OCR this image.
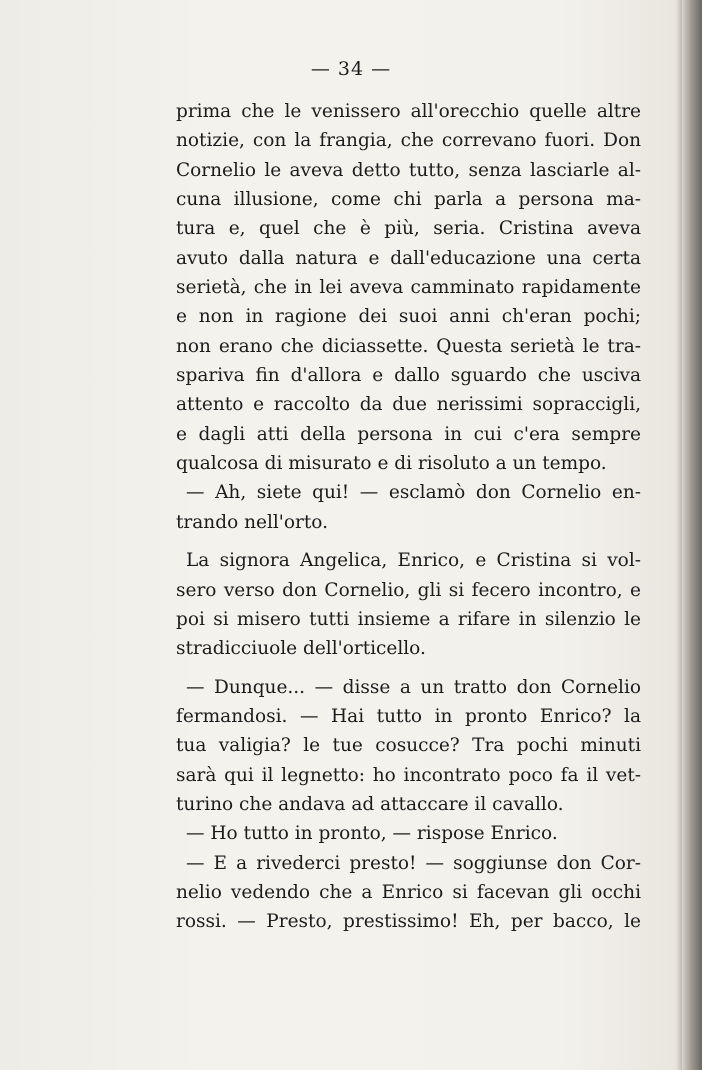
— 34 —
prima che le venissero all'orecchio quelle altre
notizie, con la frangia, che correvano fuori. Don
Cornelio le aveva detto tutto, senza lasciarle al-
cuna illusione, come chi parla a persona ma-
tura e, quel che è più, seria. Cristina aveva
avuto dalla natura e dall'educazione una certa
serietà, che in lei aveva camminato rapidamente
e non in ragione dei suoi anni ch'eran pochi;
non erano che diciassette. Questa serietà le tra-
spariva fin d'allora e dallo sguardo che usciva
attento e raccolto da due nerissimi sopraccigli,
e dagli atti della persona in cui c'era sempre
qualcosa di misurato e di risoluto a un tempo.
— Ah, siete qui! — esclamò don Cornelio en-
trando nell'orto.
La signora Angelica, Enrico, e Cristina si vol-
sero verso don Cornelio, gli si fecero incontro, e
poi si misero tutti insieme a rifare in silenzio le
stradicciuole dell'orticello.
— Dunque... — disse a un tratto don Cornelio
fermandosi. — Hai tutto in pronto Enrico? la
tua valigia? le tue cosucce? Tra pochi minuti
sarà qui il legnetto: ho incontrato poco fa il vet-
turino che andava ad attaccare il cavallo.
— Ho tutto in pronto, — rispose Enrico.
— E a rivederci presto! — soggiunse don Cor-
nelio vedendo che a Enrico si facevan gli occhi
rossi. — Presto, prestissimo! Eh, per bacco, le
